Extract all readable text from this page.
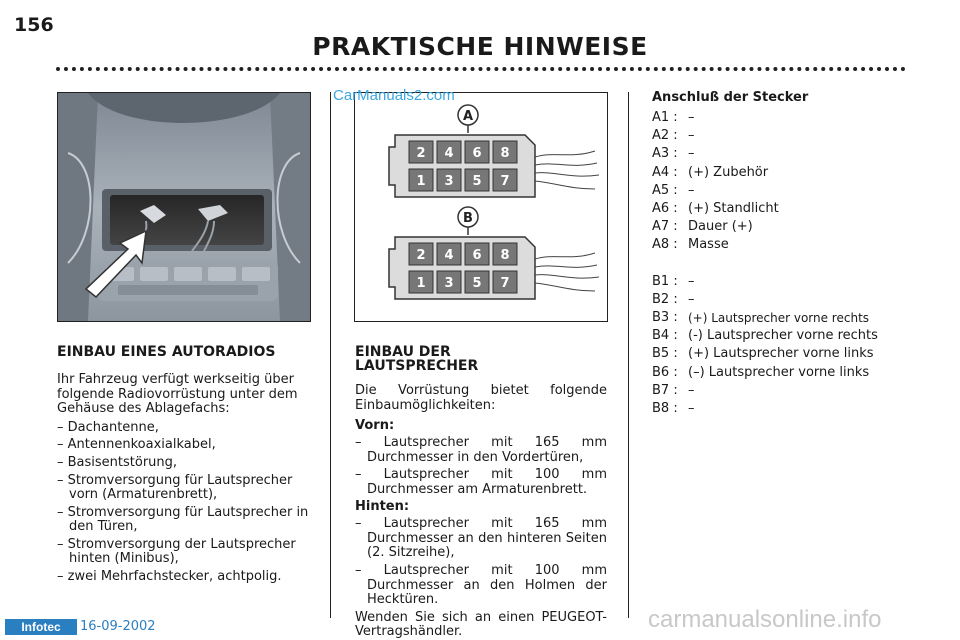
156
PRAKTISCHE HINWEISE
A
2 4 6 8
1 3 5 7
B
2 4 6 8
1 3 5 7
CarManuals2.com
EINBAU EINES AUTORADIOS
Ihr Fahrzeug verfügt werkseitig über folgende Radiovorrüstung unter dem Gehäuse des Ablagefachs:
– Dachantenne,
– Antennenkoaxialkabel,
– Basisentstörung,
– Stromversorgung für Lautsprecher vorn (Armaturenbrett),
– Stromversorgung für Lautsprecher in den Türen,
– Stromversorgung der Lautsprecher hinten (Minibus),
– zwei Mehrfachstecker, achtpolig.
EINBAU DER
LAUTSPRECHER
Die Vorrüstung bietet folgende Einbaumöglichkeiten:
Vorn:
– Lautsprecher mit 165 mm Durchmesser in den Vordertüren,
– Lautsprecher mit 100 mm Durchmesser am Armaturenbrett.
Hinten:
– Lautsprecher mit 165 mm Durchmesser an den hinteren Seiten (2. Sitzreihe),
– Lautsprecher mit 100 mm Durchmesser an den Holmen der Hecktüren.
Wenden Sie sich an einen PEUGEOT-Vertragshändler.
Anschluß der Stecker
A1 : –
A2 : –
A3 : –
A4 : (+) Zubehör
A5 : –
A6 : (+) Standlicht
A7 : Dauer (+)
A8 : Masse
B1 : –
B2 : –
B3 : (+) Lautsprecher vorne rechts
B4 : (-) Lautsprecher vorne rechts
B5 : (+) Lautsprecher vorne links
B6 : (–) Lautsprecher vorne links
B7 : –
B8 : –
Infotec	16-09-2002	carmanualsonline.info
